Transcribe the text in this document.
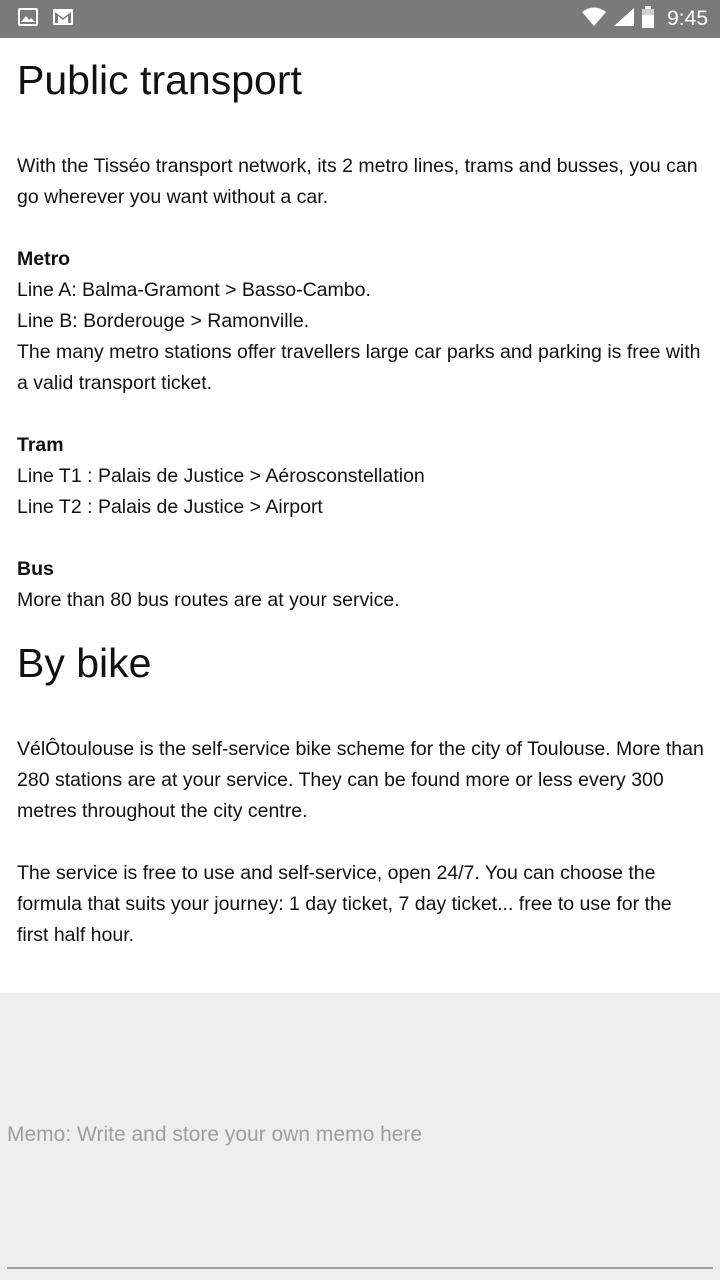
9:45
Public transport

With the Tisséo transport network, its 2 metro lines, trams and busses, you can go wherever you want without a car.

Metro

Line A: Balma-Gramont > Basso-Cambo.

Line B: Borderouge > Ramonville.

The many metro stations offer travellers large car parks and parking is free with a valid transport ticket.

Tram

Line T1 : Palais de Justice > Aérosconstellation

Line T2 : Palais de Justice > Airport

Bus

More than 80 bus routes are at your service.

By bike

VélÔtoulouse is the self-service bike scheme for the city of Toulouse. More than 280 stations are at your service. They can be found more or less every 300 metres throughout the city centre.

The service is free to use and self-service, open 24/7. You can choose the formula that suits your journey: 1 day ticket, 7 day ticket... free to use for the first half hour.

Memo: Write and store your own memo here
